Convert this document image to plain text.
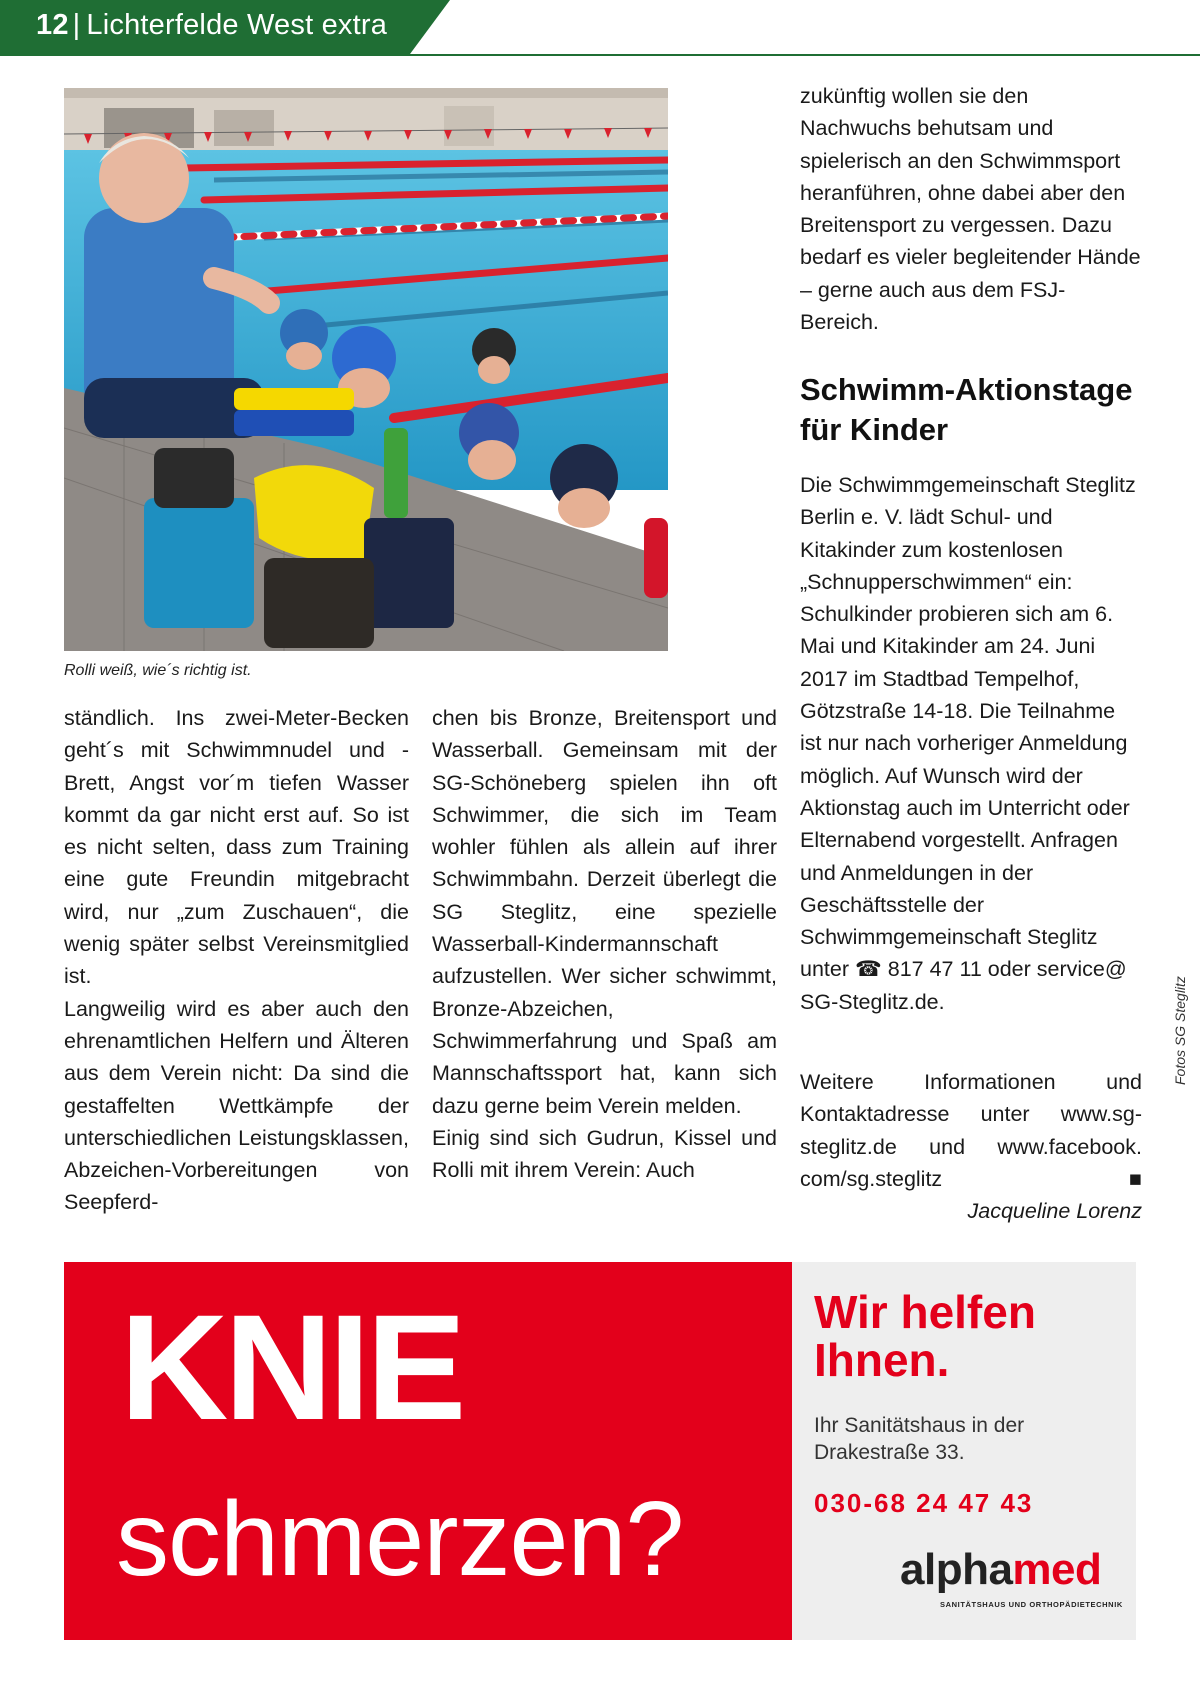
12 | Lichterfelde West extra
Rolli weiß, wie´s richtig ist.

zukünftig wollen sie den Nachwuchs behutsam und spielerisch an den Schwimmsport heranführen, ohne dabei aber den Breitensport zu vergessen. Dazu bedarf es vieler begleitender Hände – gerne auch aus dem FSJ-Bereich.

Schwimm-Aktionstage für Kinder

Die Schwimmgemeinschaft Steglitz Berlin e. V. lädt Schul- und Kitakinder zum kostenlosen „Schnupperschwimmen“ ein: Schulkinder probieren sich am 6. Mai und Kitakinder am 24. Juni 2017 im Stadtbad Tempelhof, Götzstraße 14-18. Die Teilnahme ist nur nach vorheriger Anmeldung möglich. Auf Wunsch wird der Aktionstag auch im Unterricht oder Elternabend vorgestellt. Anfragen und Anmeldungen in der Geschäftsstelle der Schwimmgemeinschaft Steglitz unter ☎ 817 47 11 oder service@ SG-Steglitz.de.

Weitere Informationen und Kontaktadresse unter www.sg-steglitz.de und www.facebook. com/sg.steglitz	■

Jacqueline Lorenz

ständlich. Ins zwei-Meter-Becken geht´s mit Schwimmnudel und -Brett, Angst vor´m tiefen Wasser kommt da gar nicht erst auf. So ist es nicht selten, dass zum Training eine gute Freundin mitgebracht wird, nur „zum Zuschauen“, die wenig später selbst Vereinsmitglied ist.

Langweilig wird es aber auch den ehrenamtlichen Helfern und Älteren aus dem Verein nicht: Da sind die gestaffelten Wettkämpfe der unterschiedlichen Leistungsklassen, Abzeichen-Vorbereitungen von Seepferd-

chen bis Bronze, Breitensport und Wasserball. Gemeinsam mit der SG-Schöneberg spielen ihn oft Schwimmer, die sich im Team wohler fühlen als allein auf ihrer Schwimmbahn. Derzeit überlegt die SG Steglitz, eine spezielle Wasserball-Kindermannschaft aufzustellen. Wer sicher schwimmt, Bronze-Abzeichen, Schwimmerfahrung und Spaß am Mannschaftssport hat, kann sich dazu gerne beim Verein melden.

Einig sind sich Gudrun, Kissel und Rolli mit ihrem Verein: Auch

Fotos SG Steglitz
KNIE
schmerzen?
Wir helfen Ihnen.
Ihr Sanitätshaus in der Drakestraße 33.
030-68 24 47 43
alphamed
SANITÄTSHAUS UND ORTHOPÄDIETECHNIK
